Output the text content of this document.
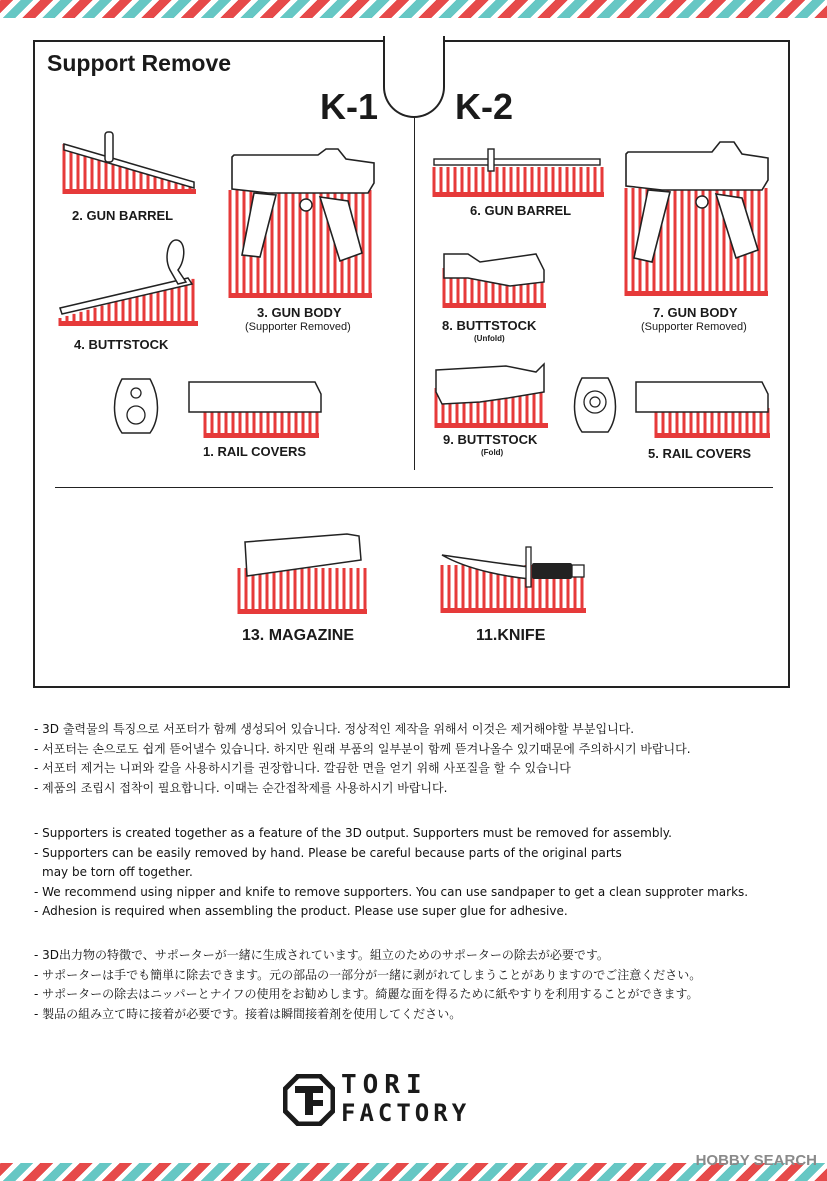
Support Remove
K-1 K-2
2. GUN BARREL
3. GUN BODY
(Supporter Removed)
4. BUTTSTOCK
1. RAIL COVERS
6. GUN BARREL
8. BUTTSTOCK
(Unfold)
7. GUN BODY
(Supporter Removed)
9. BUTTSTOCK
(Fold)	5. RAIL COVERS
13. MAGAZINE	11.KNIFE

- 3D 출력물의 특징으로 서포터가 함께 생성되어 있습니다. 정상적인 제작을 위해서 이것은 제거해야할 부분입니다.

- 서포터는 손으로도 쉽게 뜯어낼수 있습니다. 하지만 원래 부품의 일부분이 함께 뜯겨나올수 있기때문에 주의하시기 바랍니다.

- 서포터 제거는 니퍼와 칼을 사용하시기를 권장합니다. 깔끔한 면을 얻기 위해 사포질을 할 수 있습니다

- 제품의 조립시 접착이 필요합니다. 이때는 순간접착제를 사용하시기 바랍니다.

- Supporters is created together as a feature of the 3D output. Supporters must be removed for assembly.

- Supporters can be easily removed by hand. Please be careful because parts of the original parts

may be torn off together.

- We recommend using nipper and knife to remove supporters. You can use sandpaper to get a clean supproter marks.

- Adhesion is required when assembling the product. Please use super glue for adhesive.

- 3D出力物の特徴で、サポーターが一緒に生成されています。組立のためのサポーターの除去が必要です。

- サポーターは手でも簡単に除去できます。元の部品の一部分が一緒に剥がれてしまうことがありますのでご注意ください。

- サポーターの除去はニッパーとナイフの使用をお勧めします。綺麗な面を得るために紙やすりを利用することができます。

- 製品の組み立て時に接着が必要です。接着は瞬間接着剤を使用してください。

TORI
FACTORY
HOBBY SEARCH
